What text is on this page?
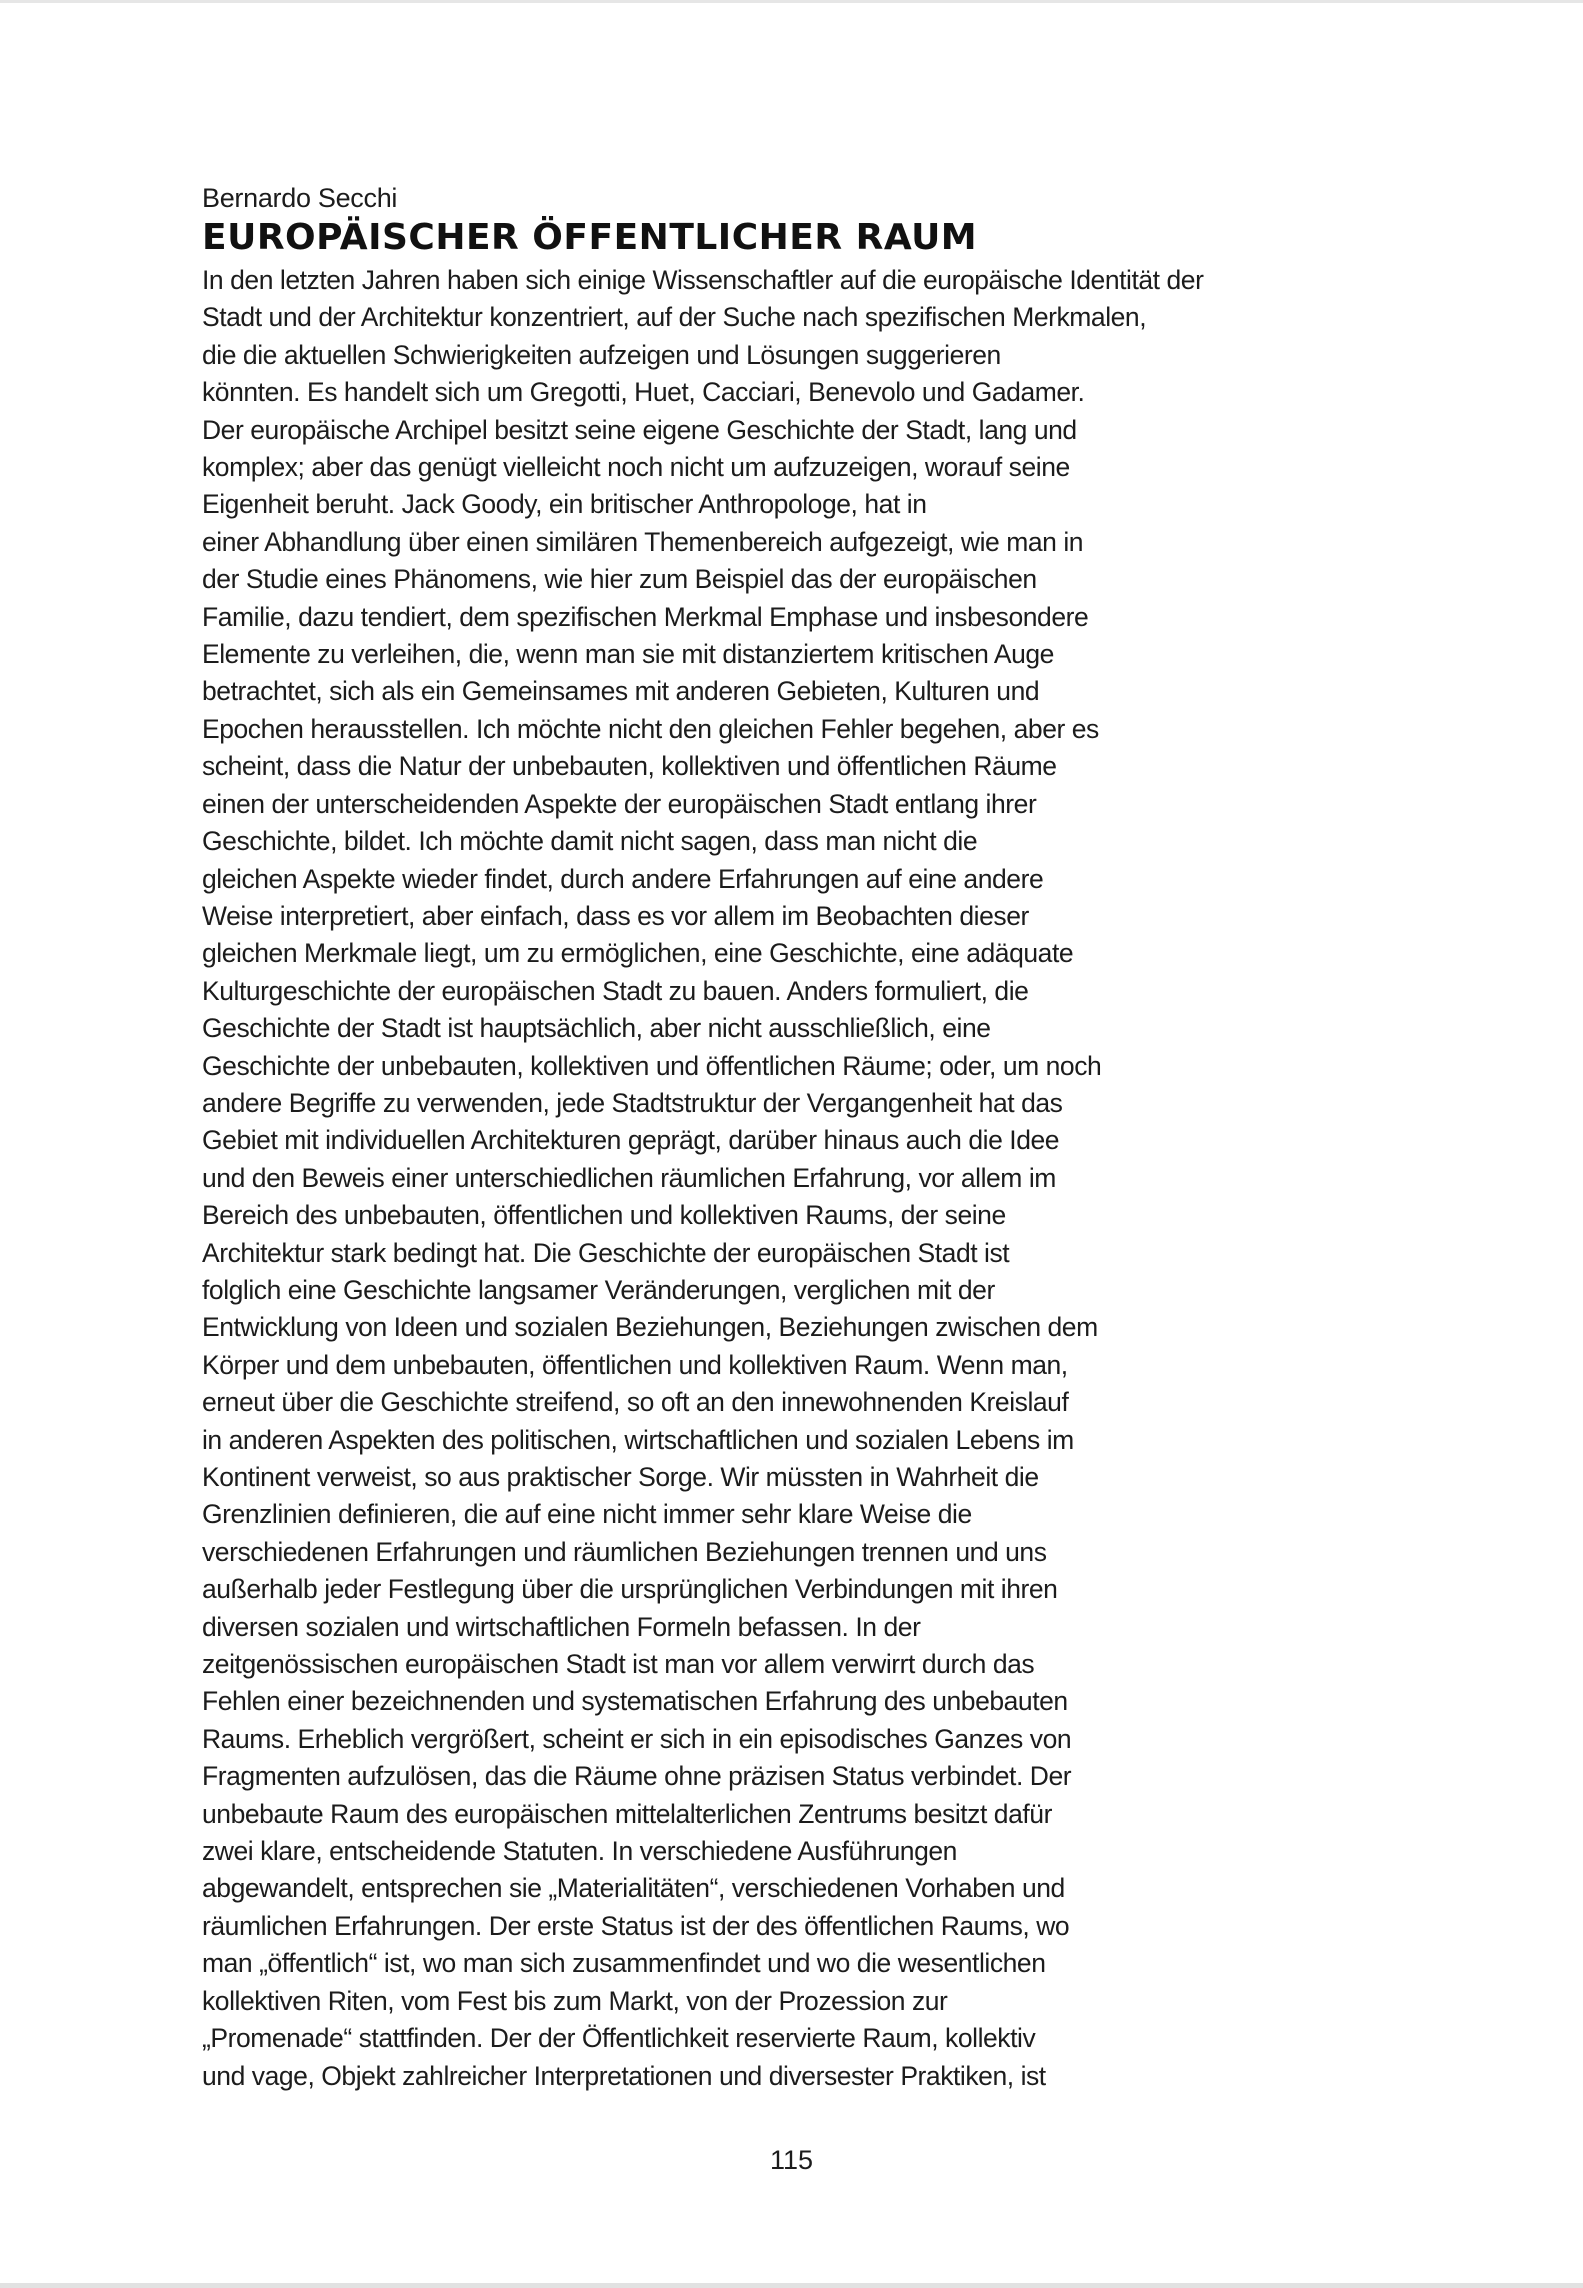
Bernardo Secchi

EUROPÄISCHER ÖFFENTLICHER RAUM
In den letzten Jahren haben sich einige Wissenschaftler auf die europäische Identität der
Stadt und der Architektur konzentriert, auf der Suche nach spezifischen Merkmalen,
die die aktuellen Schwierigkeiten aufzeigen und Lösungen suggerieren
könnten. Es handelt sich um Gregotti, Huet, Cacciari, Benevolo und Gadamer.
Der europäische Archipel besitzt seine eigene Geschichte der Stadt, lang und
komplex; aber das genügt vielleicht noch nicht um aufzuzeigen, worauf seine
Eigenheit beruht. Jack Goody, ein britischer Anthropologe, hat in
einer Abhandlung über einen similären Themenbereich aufgezeigt, wie man in
der Studie eines Phänomens, wie hier zum Beispiel das der europäischen
Familie, dazu tendiert, dem spezifischen Merkmal Emphase und insbesondere
Elemente zu verleihen, die, wenn man sie mit distanziertem kritischen Auge
betrachtet, sich als ein Gemeinsames mit anderen Gebieten, Kulturen und
Epochen herausstellen. Ich möchte nicht den gleichen Fehler begehen, aber es
scheint, dass die Natur der unbebauten, kollektiven und öffentlichen Räume
einen der unterscheidenden Aspekte der europäischen Stadt entlang ihrer
Geschichte, bildet. Ich möchte damit nicht sagen, dass man nicht die
gleichen Aspekte wieder findet, durch andere Erfahrungen auf eine andere
Weise interpretiert, aber einfach, dass es vor allem im Beobachten dieser
gleichen Merkmale liegt, um zu ermöglichen, eine Geschichte, eine adäquate
Kulturgeschichte der europäischen Stadt zu bauen. Anders formuliert, die
Geschichte der Stadt ist hauptsächlich, aber nicht ausschließlich, eine
Geschichte der unbebauten, kollektiven und öffentlichen Räume; oder, um noch
andere Begriffe zu verwenden, jede Stadtstruktur der Vergangenheit hat das
Gebiet mit individuellen Architekturen geprägt, darüber hinaus auch die Idee
und den Beweis einer unterschiedlichen räumlichen Erfahrung, vor allem im
Bereich des unbebauten, öffentlichen und kollektiven Raums, der seine
Architektur stark bedingt hat. Die Geschichte der europäischen Stadt ist
folglich eine Geschichte langsamer Veränderungen, verglichen mit der
Entwicklung von Ideen und sozialen Beziehungen, Beziehungen zwischen dem
Körper und dem unbebauten, öffentlichen und kollektiven Raum. Wenn man,
erneut über die Geschichte streifend, so oft an den innewohnenden Kreislauf
in anderen Aspekten des politischen, wirtschaftlichen und sozialen Lebens im
Kontinent verweist, so aus praktischer Sorge. Wir müssten in Wahrheit die
Grenzlinien definieren, die auf eine nicht immer sehr klare Weise die
verschiedenen Erfahrungen und räumlichen Beziehungen trennen und uns
außerhalb jeder Festlegung über die ursprünglichen Verbindungen mit ihren
diversen sozialen und wirtschaftlichen Formeln befassen. In der
zeitgenössischen europäischen Stadt ist man vor allem verwirrt durch das
Fehlen einer bezeichnenden und systematischen Erfahrung des unbebauten
Raums. Erheblich vergrößert, scheint er sich in ein episodisches Ganzes von
Fragmenten aufzulösen, das die Räume ohne präzisen Status verbindet. Der
unbebaute Raum des europäischen mittelalterlichen Zentrums besitzt dafür
zwei klare, entscheidende Statuten. In verschiedene Ausführungen
abgewandelt, entsprechen sie „Materialitäten“, verschiedenen Vorhaben und
räumlichen Erfahrungen. Der erste Status ist der des öffentlichen Raums, wo
man „öffentlich“ ist, wo man sich zusammenfindet und wo die wesentlichen
kollektiven Riten, vom Fest bis zum Markt, von der Prozession zur
„Promenade“ stattfinden. Der der Öffentlichkeit reservierte Raum, kollektiv
und vage, Objekt zahlreicher Interpretationen und diversester Praktiken, ist

115
